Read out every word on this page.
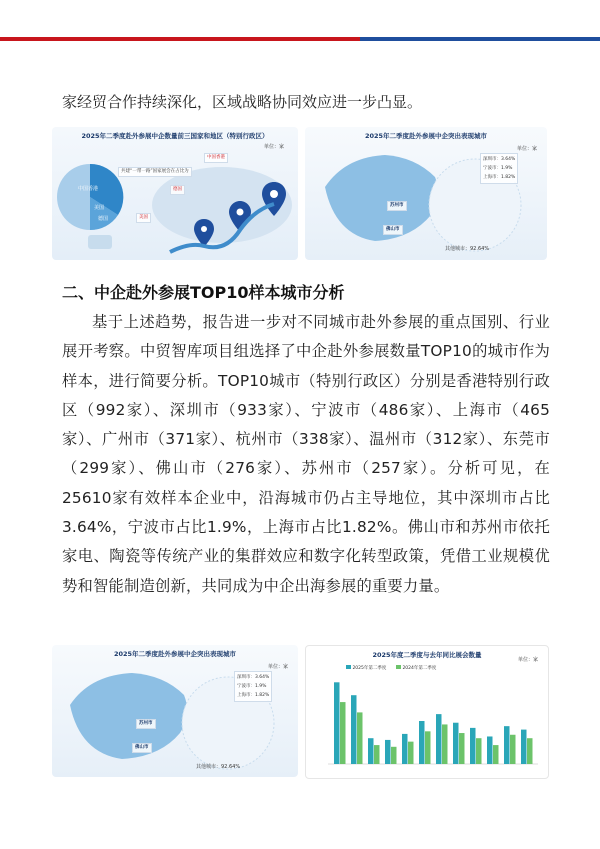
家经贸合作持续深化，区域战略协同效应进一步凸显。

2025年二季度赴外参展中企数量前三国家和地区（特别行政区）
单位：家
中国香港
美国
德国
共建“一带一路”国家展会在占比为
中国香港
德国
美国
2025年二季度赴外参展中企突出表现城市
单位：家
深圳市：3.64%
宁波市：1.9%
上海市：1.82%
苏州市
佛山市
其他城市：92.64%
二、中企赴外参展TOP10样本城市分析

基于上述趋势，报告进一步对不同城市赴外参展的重点国别、行业展开考察。中贸智库项目组选择了中企赴外参展数量TOP10的城市作为样本，进行简要分析。TOP10城市（特别行政区）分别是香港特别行政区（992家）、深圳市（933家）、宁波市（486家）、上海市（465家）、广州市（371家）、杭州市（338家）、温州市（312家）、东莞市（299家）、佛山市（276家）、苏州市（257家）。分析可见，在25610家有效样本企业中，沿海城市仍占主导地位，其中深圳市占比3.64%，宁波市占比1.9%，上海市占比1.82%。佛山市和苏州市依托家电、陶瓷等传统产业的集群效应和数字化转型政策，凭借工业规模优势和智能制造创新，共同成为中企出海参展的重要力量。

2025年二季度赴外参展中企突出表现城市
单位：家
深圳市：3.64%
宁波市：1.9%
上海市：1.82%
苏州市
佛山市
其他城市：92.64%
2025年度二季度与去年同比展会数量
单位：家
2025年第二季度	2024年第二季度
